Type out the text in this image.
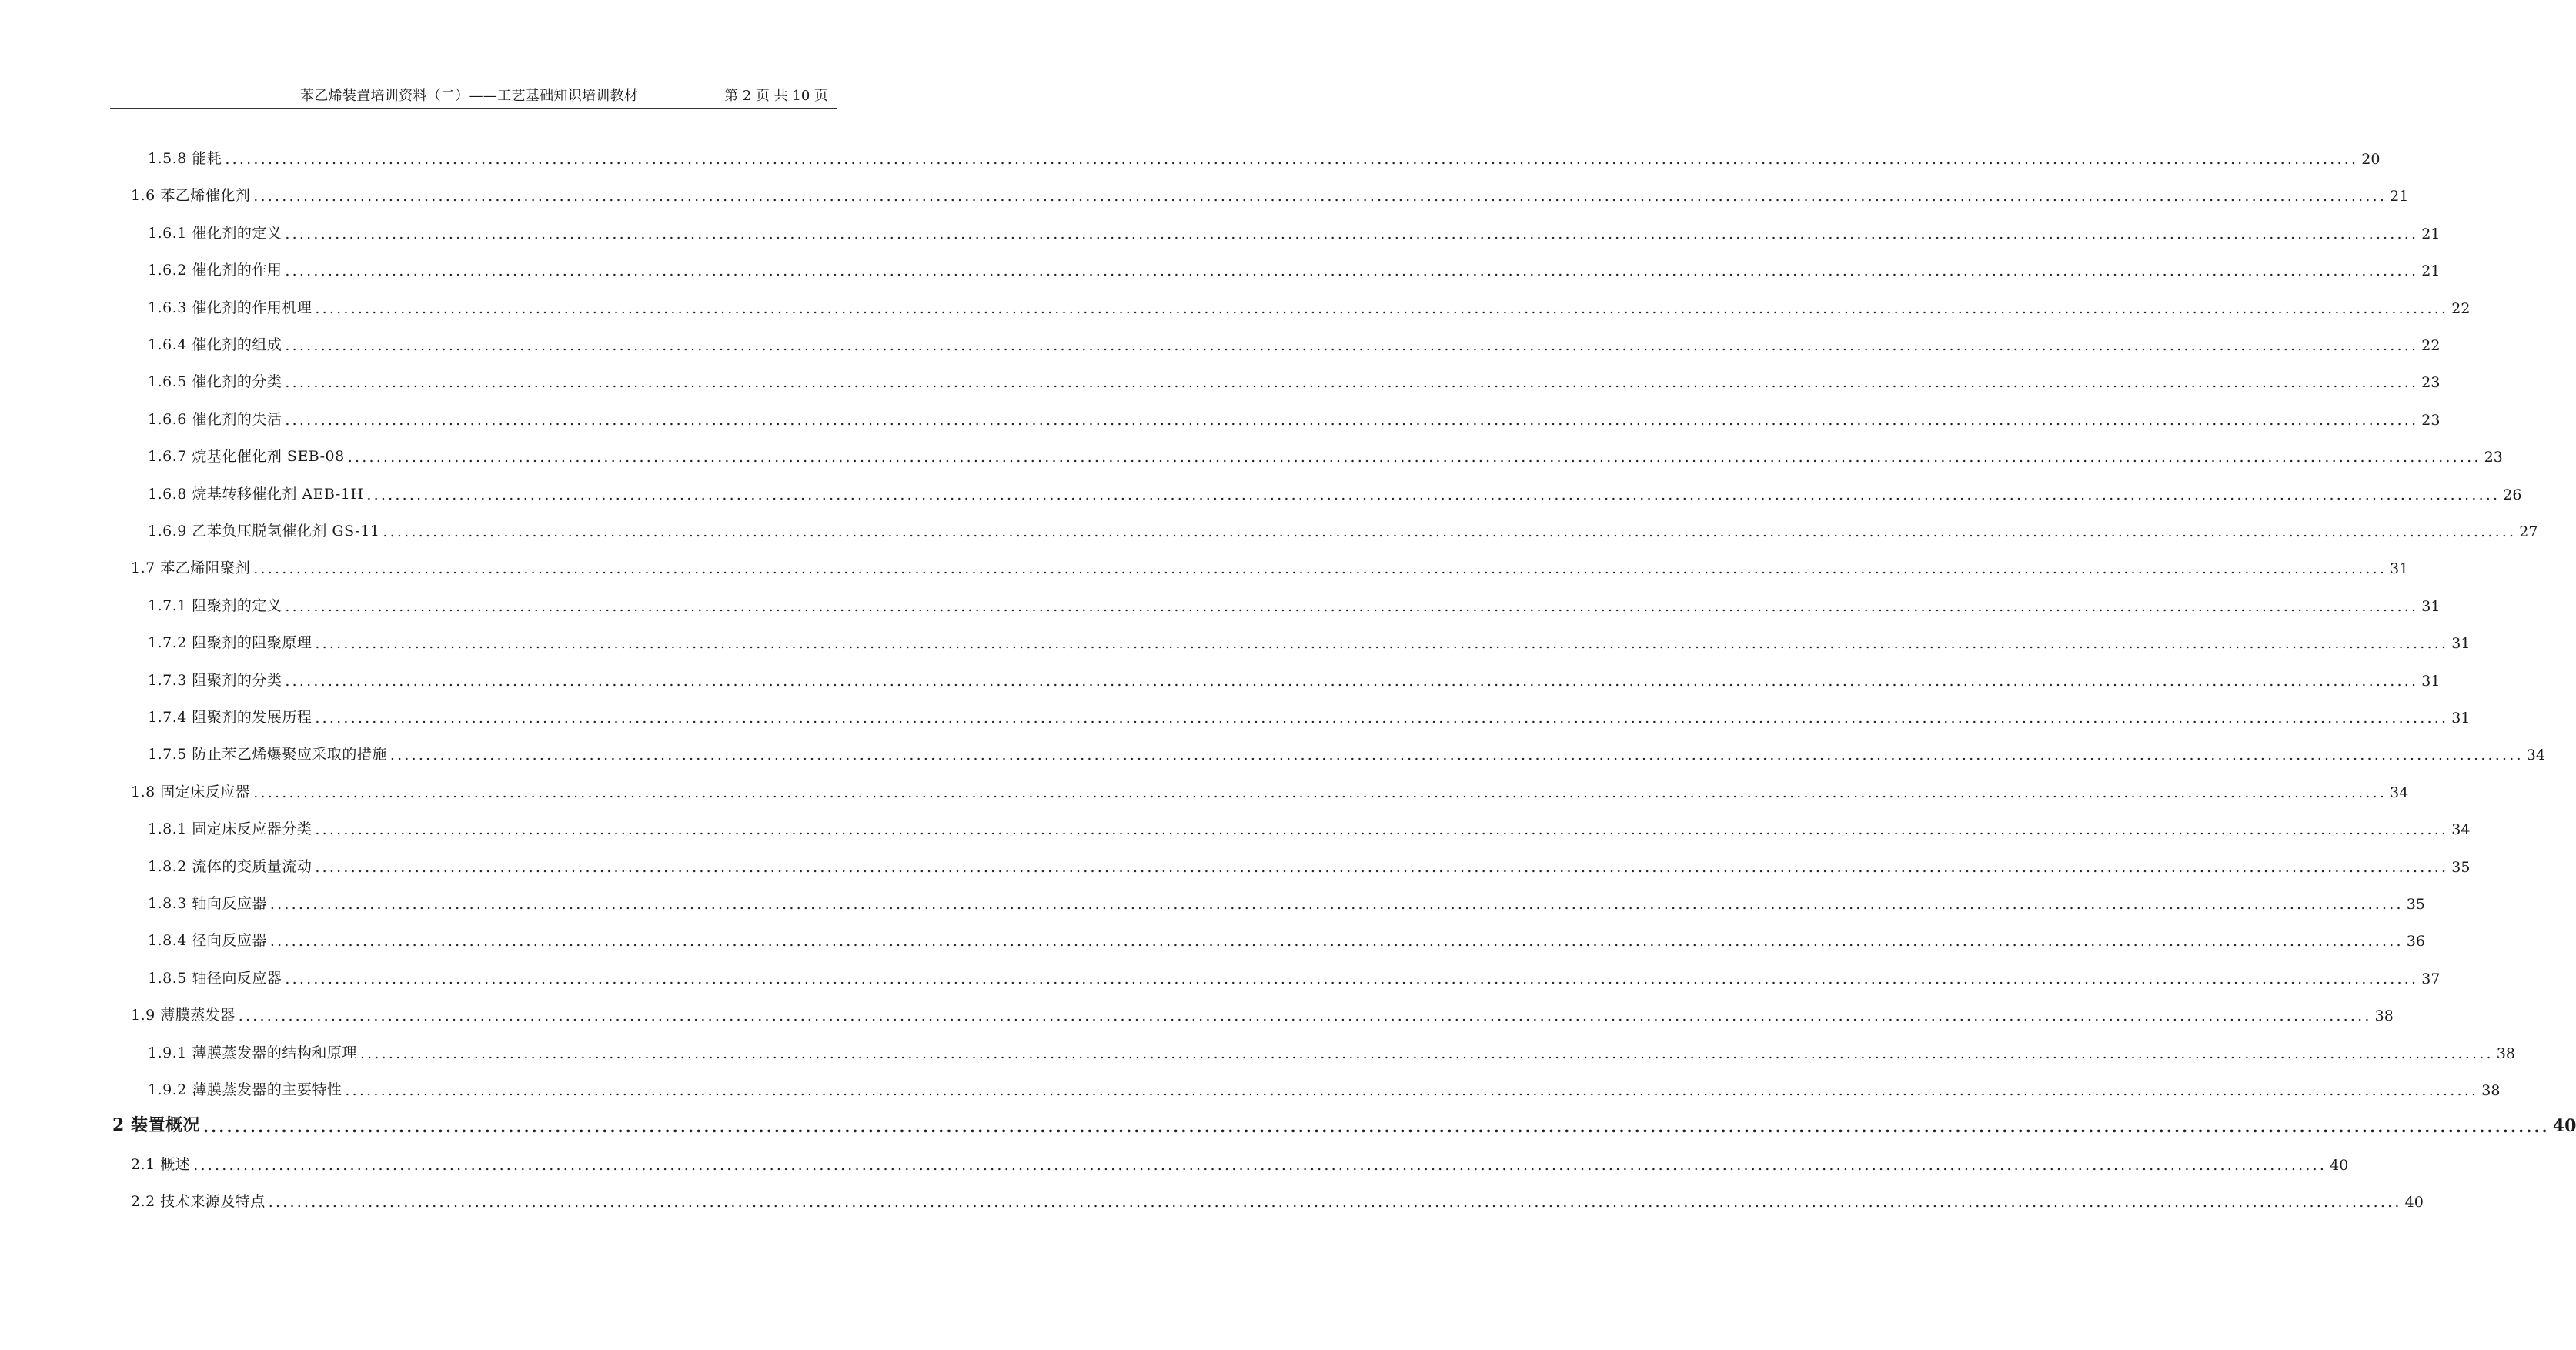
苯乙烯装置培训资料（二）——工艺基础知识培训教材	第 2 页 共 10 页
1.5.8 能耗 ............................................................................................................................................................................................................................................................................................................ 20
1.6 苯乙烯催化剂 ............................................................................................................................................................................................................................................................................................................ 21
1.6.1 催化剂的定义 ............................................................................................................................................................................................................................................................................................................ 21
1.6.2 催化剂的作用 ............................................................................................................................................................................................................................................................................................................ 21
1.6.3 催化剂的作用机理 ............................................................................................................................................................................................................................................................................................................ 22
1.6.4 催化剂的组成 ............................................................................................................................................................................................................................................................................................................ 22
1.6.5 催化剂的分类 ............................................................................................................................................................................................................................................................................................................ 23
1.6.6 催化剂的失活 ............................................................................................................................................................................................................................................................................................................ 23
1.6.7 烷基化催化剂 SEB-08 ............................................................................................................................................................................................................................................................................................................ 23
1.6.8 烷基转移催化剂 AEB-1H ............................................................................................................................................................................................................................................................................................................ 26
1.6.9 乙苯负压脱氢催化剂 GS-11 ............................................................................................................................................................................................................................................................................................................ 27
1.7 苯乙烯阻聚剂 ............................................................................................................................................................................................................................................................................................................ 31
1.7.1 阻聚剂的定义 ............................................................................................................................................................................................................................................................................................................ 31
1.7.2 阻聚剂的阻聚原理 ............................................................................................................................................................................................................................................................................................................ 31
1.7.3 阻聚剂的分类 ............................................................................................................................................................................................................................................................................................................ 31
1.7.4 阻聚剂的发展历程 ............................................................................................................................................................................................................................................................................................................ 31
1.7.5 防止苯乙烯爆聚应采取的措施 ............................................................................................................................................................................................................................................................................................................ 34
1.8 固定床反应器 ............................................................................................................................................................................................................................................................................................................ 34
1.8.1 固定床反应器分类 ............................................................................................................................................................................................................................................................................................................ 34
1.8.2 流体的变质量流动 ............................................................................................................................................................................................................................................................................................................ 35
1.8.3 轴向反应器 ............................................................................................................................................................................................................................................................................................................ 35
1.8.4 径向反应器 ............................................................................................................................................................................................................................................................................................................ 36
1.8.5 轴径向反应器 ............................................................................................................................................................................................................................................................................................................ 37
1.9 薄膜蒸发器 ............................................................................................................................................................................................................................................................................................................ 38
1.9.1 薄膜蒸发器的结构和原理 ............................................................................................................................................................................................................................................................................................................ 38
1.9.2 薄膜蒸发器的主要特性 ............................................................................................................................................................................................................................................................................................................ 38
2 装置概况 ............................................................................................................................................................................................................................................................................................................ 40
2.1 概述 ............................................................................................................................................................................................................................................................................................................ 40
2.2 技术来源及特点 ............................................................................................................................................................................................................................................................................................................ 40
